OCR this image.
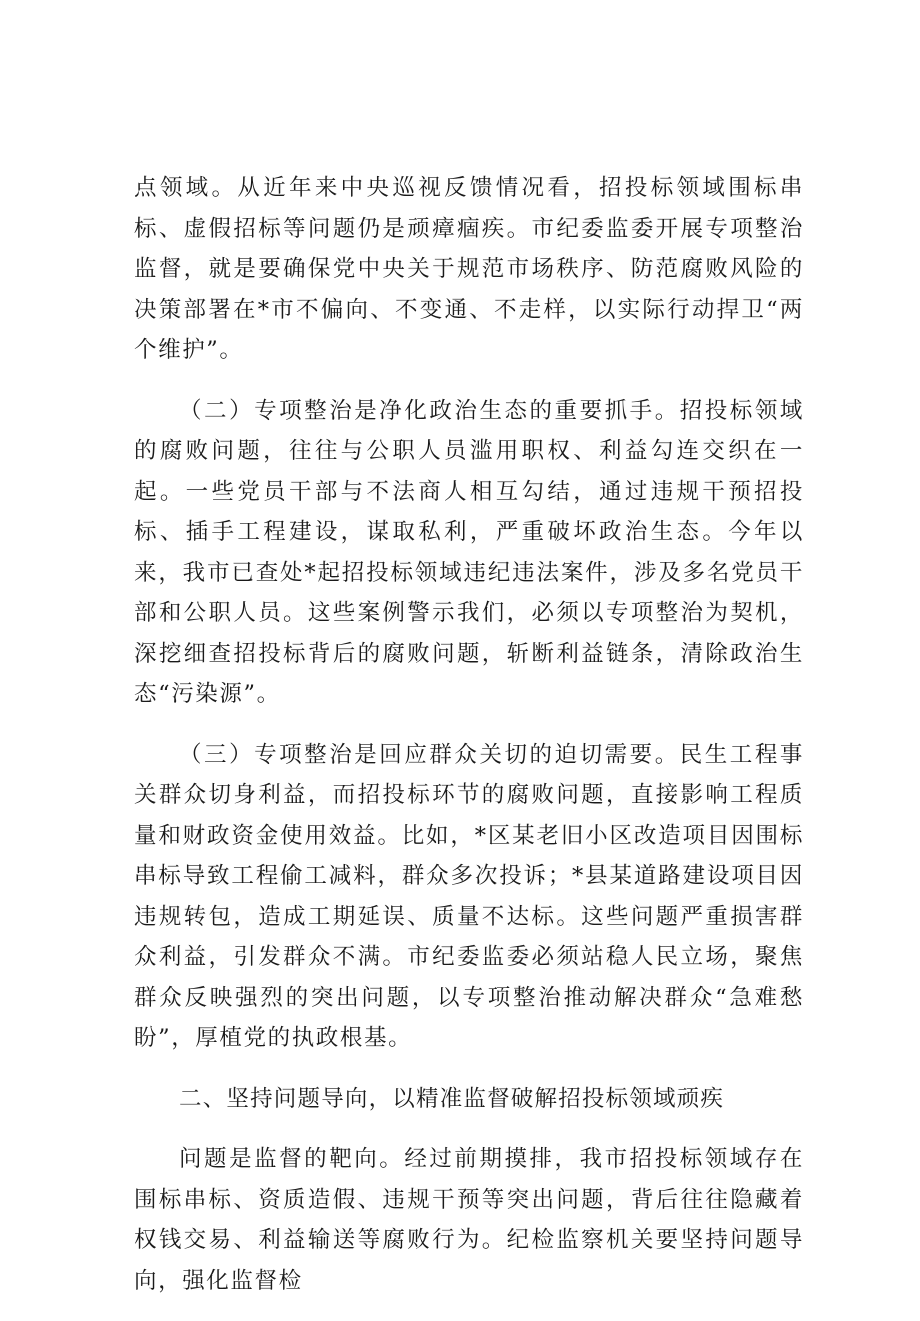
点领域。从近年来中央巡视反馈情况看，招投标领域围标串标、虚假招标等问题仍是顽瘴痼疾。市纪委监委开展专项整治监督，就是要确保党中央关于规范市场秩序、防范腐败风险的决策部署在*市不偏向、不变通、不走样，以实际行动捍卫“两个维护”。

（二）专项整治是净化政治生态的重要抓手。招投标领域的腐败问题，往往与公职人员滥用职权、利益勾连交织在一起。一些党员干部与不法商人相互勾结，通过违规干预招投标、插手工程建设，谋取私利，严重破坏政治生态。今年以来，我市已查处*起招投标领域违纪违法案件，涉及多名党员干部和公职人员。这些案例警示我们，必须以专项整治为契机，深挖细查招投标背后的腐败问题，斩断利益链条，清除政治生态“污染源”。

（三）专项整治是回应群众关切的迫切需要。民生工程事关群众切身利益，而招投标环节的腐败问题，直接影响工程质量和财政资金使用效益。比如，*区某老旧小区改造项目因围标串标导致工程偷工减料，群众多次投诉；*县某道路建设项目因违规转包，造成工期延误、质量不达标。这些问题严重损害群众利益，引发群众不满。市纪委监委必须站稳人民立场，聚焦群众反映强烈的突出问题，以专项整治推动解决群众“急难愁盼”，厚植党的执政根基。

二、坚持问题导向，以精准监督破解招投标领域顽疾

问题是监督的靶向。经过前期摸排，我市招投标领域存在围标串标、资质造假、违规干预等突出问题，背后往往隐藏着权钱交易、利益输送等腐败行为。纪检监察机关要坚持问题导向，强化监督检
